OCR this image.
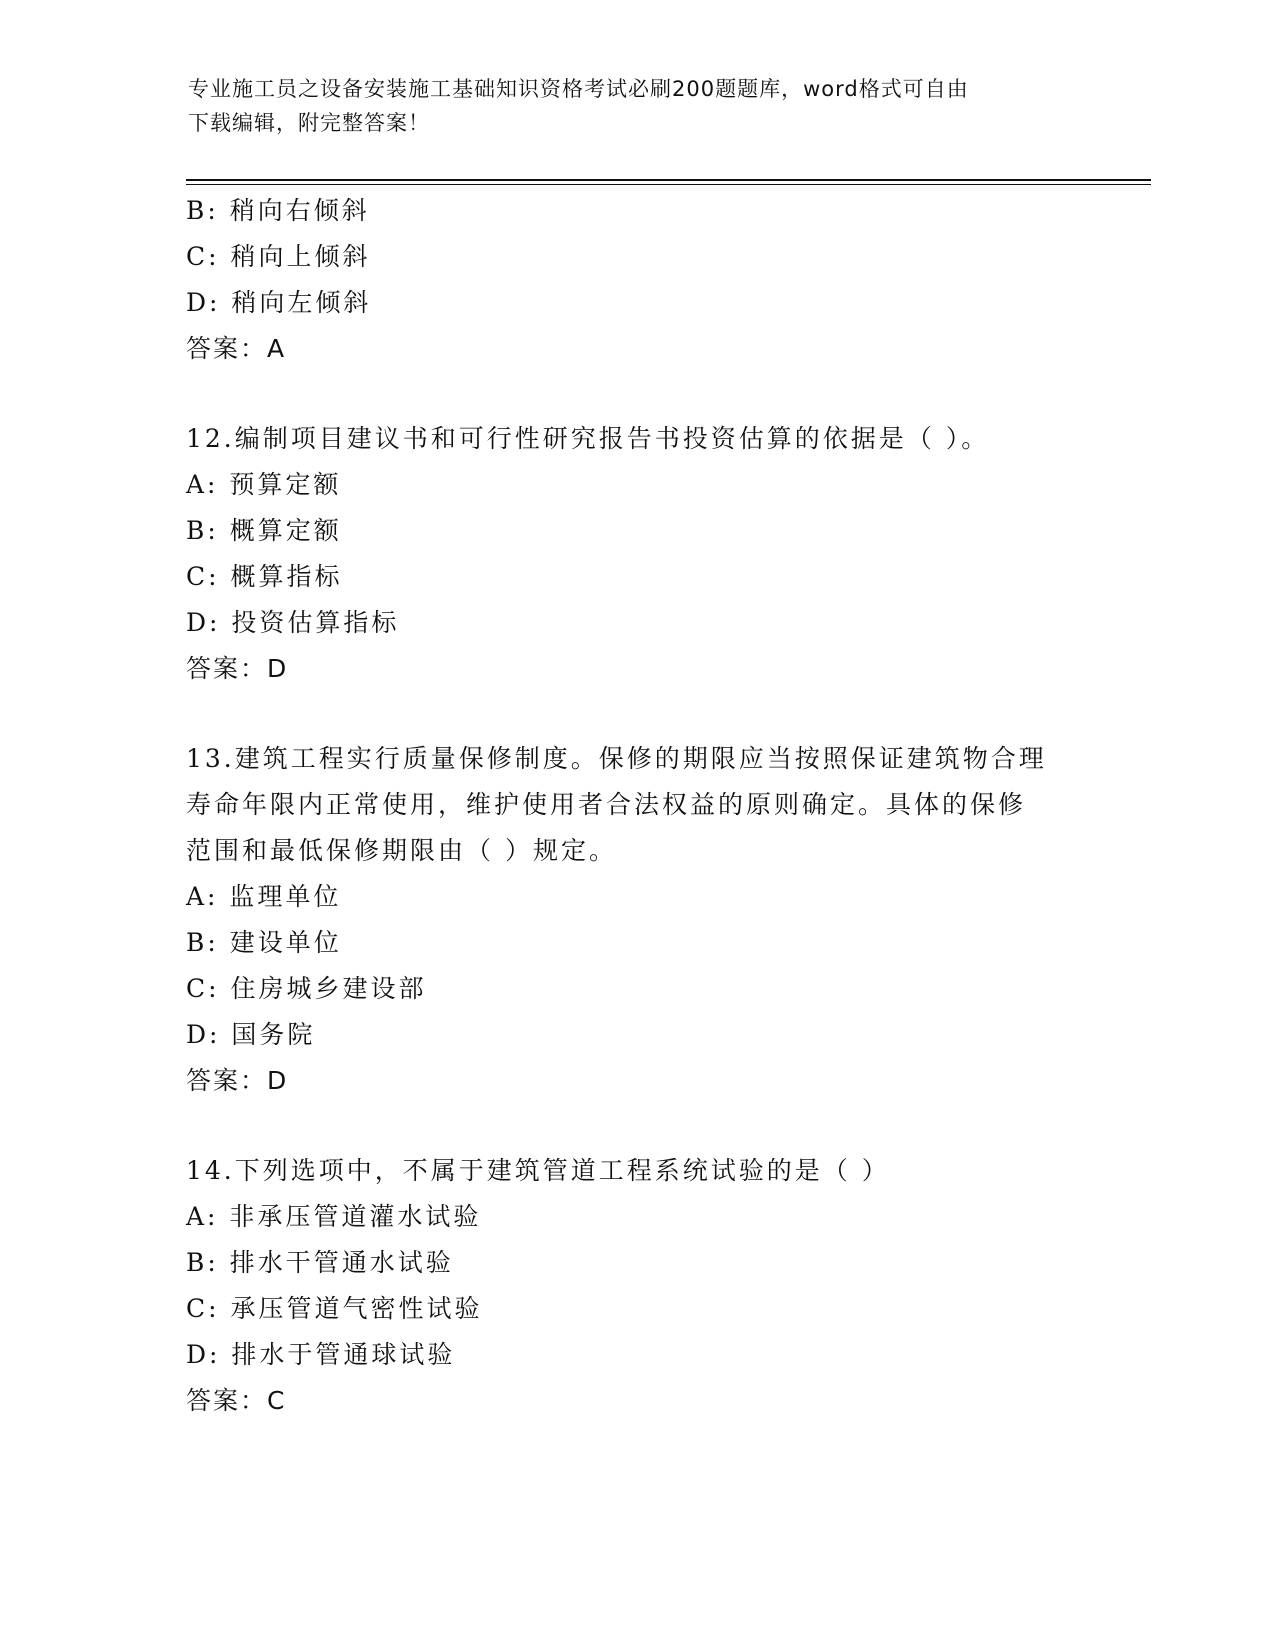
专业施工员之设备安装施工基础知识资格考试必刷200题题库，word格式可自由
下载编辑，附完整答案！
B: 稍向右倾斜
C: 稍向上倾斜
D: 稍向左倾斜
答案：A
12.编制项目建议书和可行性研究报告书投资估算的依据是（ ）。
A: 预算定额
B: 概算定额
C: 概算指标
D: 投资估算指标
答案：D
13.建筑工程实行质量保修制度。保修的期限应当按照保证建筑物合理
寿命年限内正常使用，维护使用者合法权益的原则确定。具体的保修
范围和最低保修期限由（ ）规定。
A: 监理单位
B: 建设单位
C: 住房城乡建设部
D: 国务院
答案：D
14.下列选项中，不属于建筑管道工程系统试验的是（ ）
A: 非承压管道灌水试验
B: 排水干管通水试验
C: 承压管道气密性试验
D: 排水于管通球试验
答案：C
